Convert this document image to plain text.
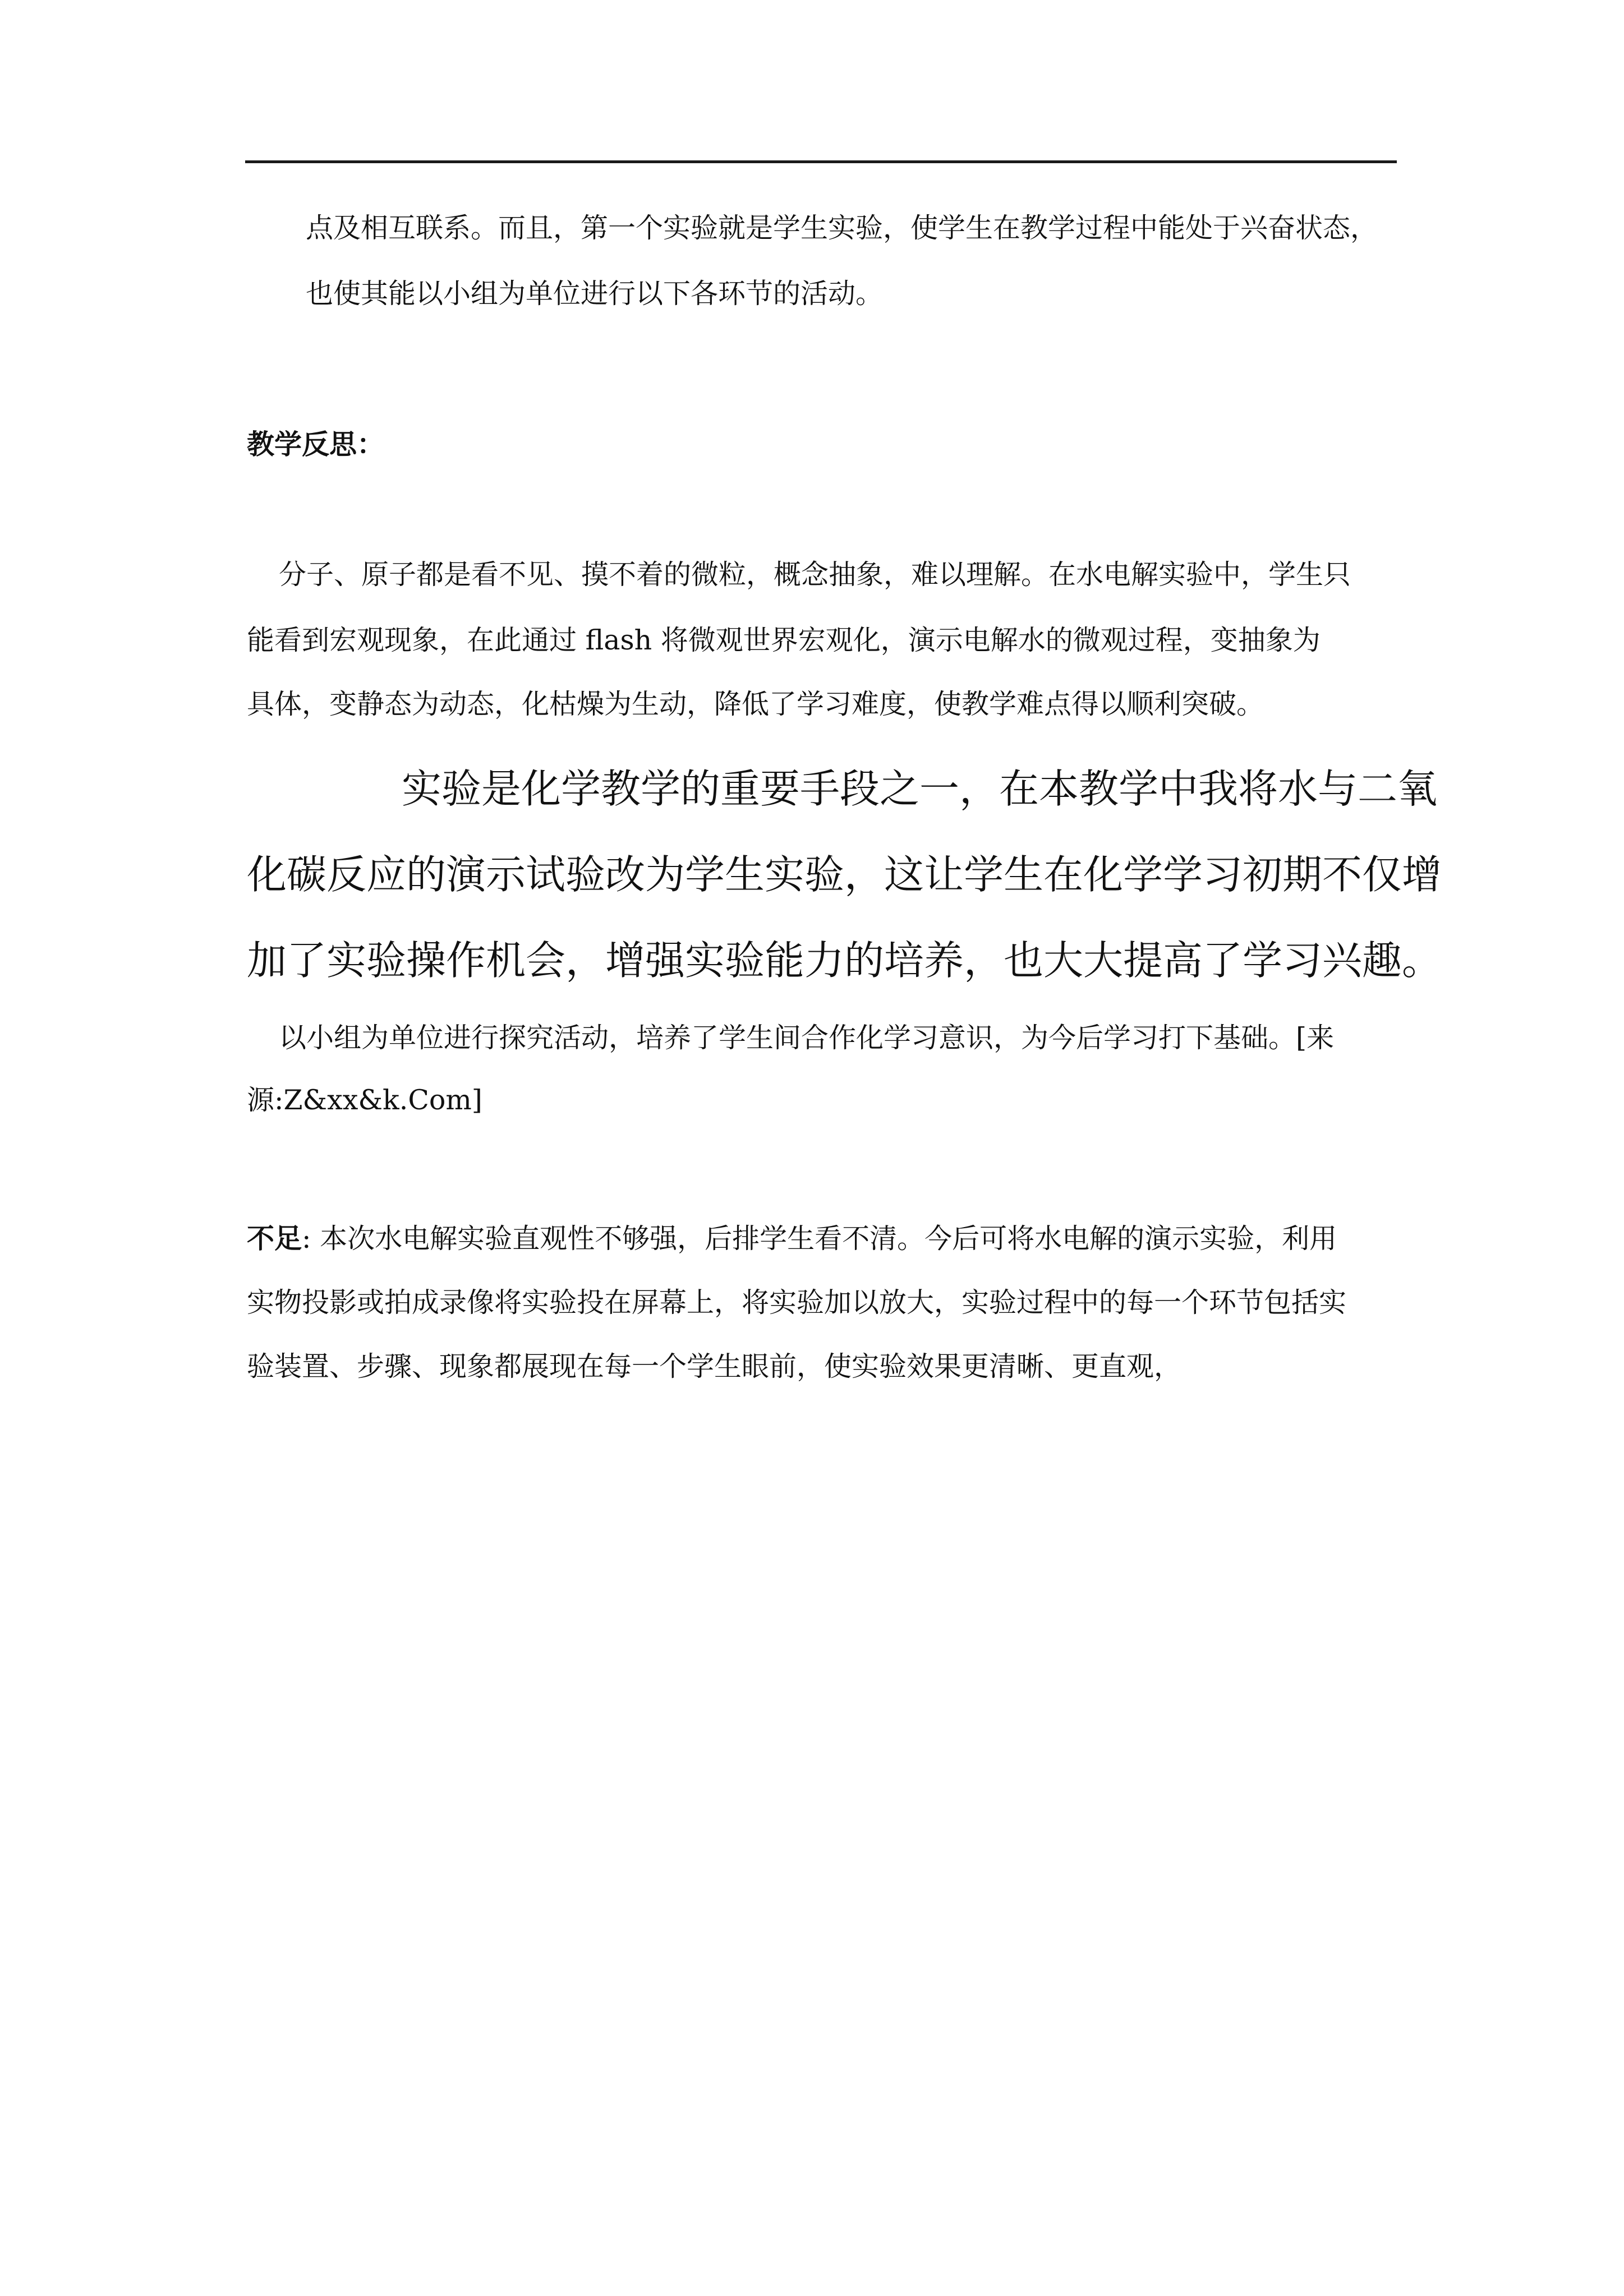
点及相互联系。而且，第一个实验就是学生实验，使学生在教学过程中能处于兴奋状态，
也使其能以小组为单位进行以下各环节的活动。
教学反思：
分子、原子都是看不见、摸不着的微粒，概念抽象，难以理解。在水电解实验中，学生只
能看到宏观现象，在此通过 flash 将微观世界宏观化，演示电解水的微观过程，变抽象为
具体，变静态为动态，化枯燥为生动，降低了学习难度，使教学难点得以顺利突破。
实验是化学教学的重要手段之一，在本教学中我将水与二氧
化碳反应的演示试验改为学生实验，这让学生在化学学习初期不仅增
加了实验操作机会，增强实验能力的培养，也大大提高了学习兴趣。
以小组为单位进行探究活动，培养了学生间合作化学习意识，为今后学习打下基础。[来
源:Z&xx&k.Com]
不足: 本次水电解实验直观性不够强，后排学生看不清。今后可将水电解的演示实验，利用
实物投影或拍成录像将实验投在屏幕上，将实验加以放大，实验过程中的每一个环节包括实
验装置、步骤、现象都展现在每一个学生眼前，使实验效果更清晰、更直观，
